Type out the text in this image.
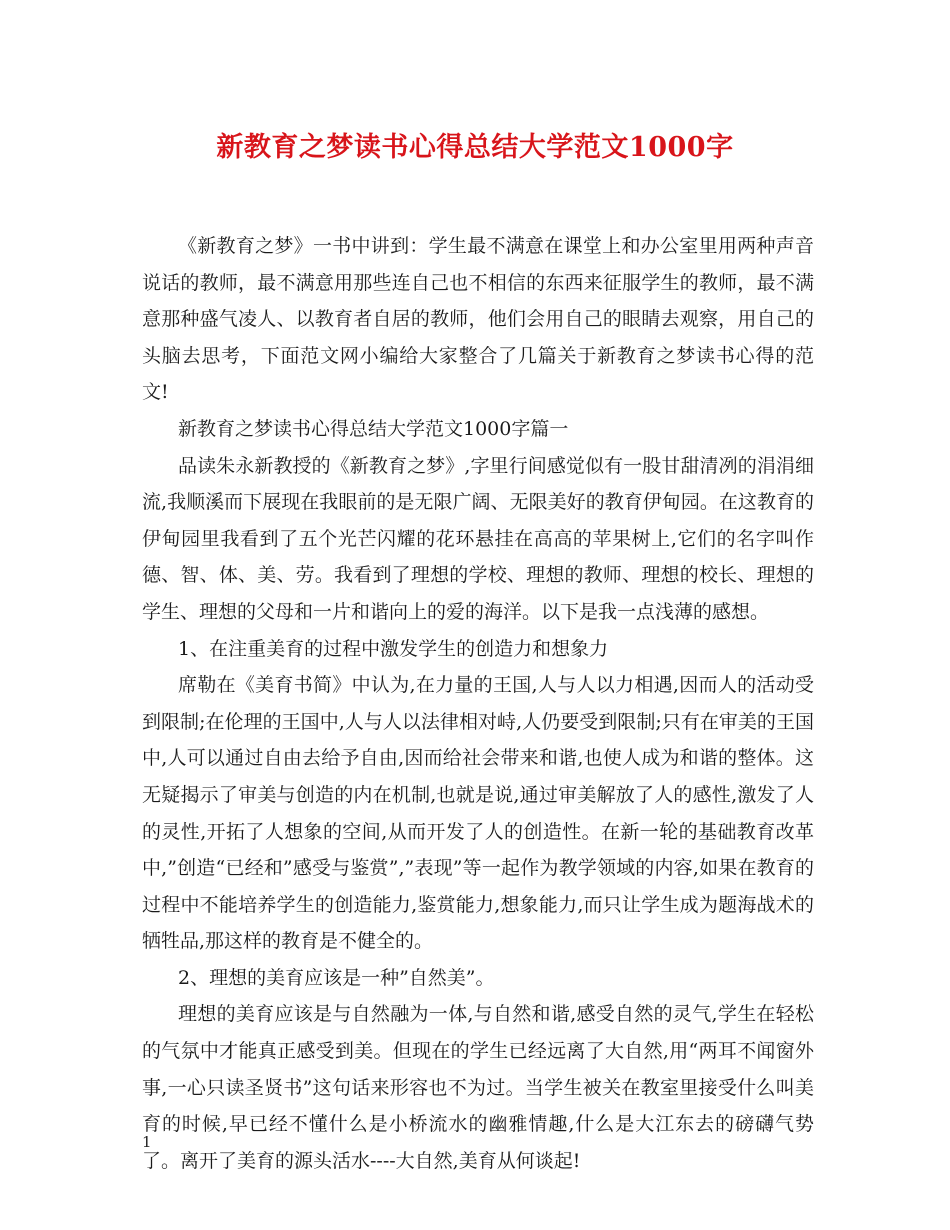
新教育之梦读书心得总结大学范文1000字

《新教育之梦》一书中讲到：学生最不满意在课堂上和办公室里用两种声音说话的教师，最不满意用那些连自己也不相信的东西来征服学生的教师，最不满意那种盛气凌人、以教育者自居的教师，他们会用自己的眼睛去观察，用自己的头脑去思考，下面范文网小编给大家整合了几篇关于新教育之梦读书心得的范文!

新教育之梦读书心得总结大学范文1000字篇一

品读朱永新教授的《新教育之梦》,字里行间感觉似有一股甘甜清冽的涓涓细流,我顺溪而下展现在我眼前的是无限广阔、无限美好的教育伊甸园。在这教育的伊甸园里我看到了五个光芒闪耀的花环悬挂在高高的苹果树上,它们的名字叫作德、智、体、美、劳。我看到了理想的学校、理想的教师、理想的校长、理想的学生、理想的父母和一片和谐向上的爱的海洋。以下是我一点浅薄的感想。

1、在注重美育的过程中激发学生的创造力和想象力

席勒在《美育书简》中认为,在力量的王国,人与人以力相遇,因而人的活动受到限制;在伦理的王国中,人与人以法律相对峙,人仍要受到限制;只有在审美的王国中,人可以通过自由去给予自由,因而给社会带来和谐,也使人成为和谐的整体。这无疑揭示了审美与创造的内在机制,也就是说,通过审美解放了人的感性,激发了人的灵性,开拓了人想象的空间,从而开发了人的创造性。在新一轮的基础教育改革中,”创造“已经和”感受与鉴赏”,”表现”等一起作为教学领域的内容,如果在教育的过程中不能培养学生的创造能力,鉴赏能力,想象能力,而只让学生成为题海战术的牺牲品,那这样的教育是不健全的。

2、理想的美育应该是一种”自然美”。

理想的美育应该是与自然融为一体,与自然和谐,感受自然的灵气,学生在轻松的气氛中才能真正感受到美。但现在的学生已经远离了大自然,用“两耳不闻窗外事,一心只读圣贤书”这句话来形容也不为过。当学生被关在教室里接受什么叫美育的时候,早已经不懂什么是小桥流水的幽雅情趣,什么是大江东去的磅礴气势了。离开了美育的源头活水----大自然,美育从何谈起!

1
